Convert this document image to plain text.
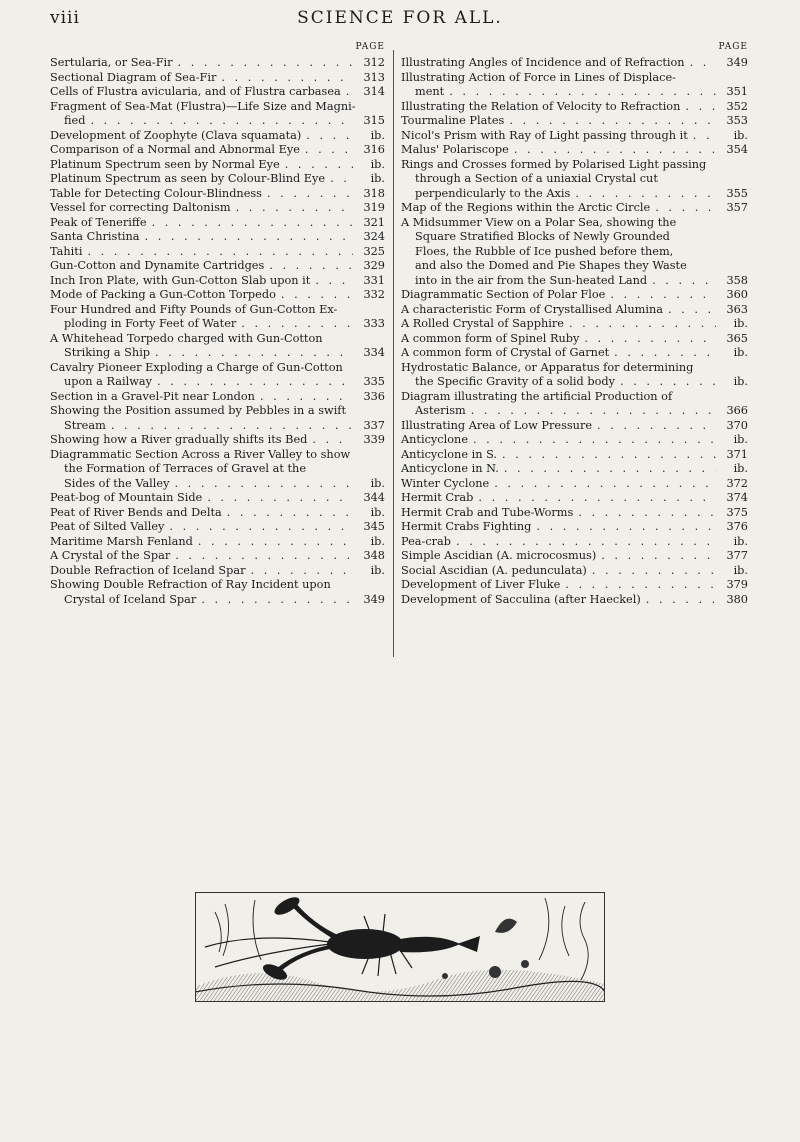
viii	SCIENCE FOR ALL.
PAGE
Sertularia, or Sea-Fir . . .	312
Sectional Diagram of Sea-Fir . . .	313
Cells of Flustra avicularia, and of Flustra carbasea . . .	314

Fragment of Sea-Mat (Flustra)—Life Size and Magni-

fied . . .	315
Development of Zoophyte (Clava squamata) . . .	ib.
Comparison of a Normal and Abnormal Eye . . .	316
Platinum Spectrum seen by Normal Eye . . .	ib.
Platinum Spectrum as seen by Colour-Blind Eye . . .	ib.
Table for Detecting Colour-Blindness . . .	318
Vessel for correcting Daltonism . . .	319
Peak of Teneriffe . . .	321
Santa Christina . . .	324
Tahiti . . .	325
Gun-Cotton and Dynamite Cartridges . . .	329
Inch Iron Plate, with Gun-Cotton Slab upon it . . .	331
Mode of Packing a Gun-Cotton Torpedo . . .	332

Four Hundred and Fifty Pounds of Gun-Cotton Ex-

ploding in Forty Feet of Water . . .	333

A Whitehead Torpedo charged with Gun-Cotton

Striking a Ship . . .	334

Cavalry Pioneer Exploding a Charge of Gun-Cotton

upon a Railway . . .	335
Section in a Gravel-Pit near London . . .	336

Showing the Position assumed by Pebbles in a swift

Stream . . .	337
Showing how a River gradually shifts its Bed . . .	339

Diagrammatic Section Across a River Valley to show

the Formation of Terraces of Gravel at the

Sides of the Valley . . .	ib.
Peat-bog of Mountain Side . . .	344
Peat of River Bends and Delta . . .	ib.
Peat of Silted Valley . . .	345
Maritime Marsh Fenland . . .	ib.
A Crystal of the Spar . . .	348
Double Refraction of Iceland Spar . . .	ib.

Showing Double Refraction of Ray Incident upon

Crystal of Iceland Spar . . .	349
PAGE
Illustrating Angles of Incidence and of Refraction . . .	349

Illustrating Action of Force in Lines of Displace-

ment . . .	351
Illustrating the Relation of Velocity to Refraction . . .	352
Tourmaline Plates . . .	353
Nicol's Prism with Ray of Light passing through it . . .	ib.
Malus' Polariscope . . .	354

Rings and Crosses formed by Polarised Light passing

through a Section of a uniaxial Crystal cut

perpendicularly to the Axis . . .	355
Map of the Regions within the Arctic Circle . . .	357

A Midsummer View on a Polar Sea, showing the

Square Stratified Blocks of Newly Grounded

Floes, the Rubble of Ice pushed before them,

and also the Domed and Pie Shapes they Waste

into in the air from the Sun-heated Land . . .	358
Diagrammatic Section of Polar Floe . . .	360
A characteristic Form of Crystallised Alumina . . .	363
A Rolled Crystal of Sapphire . . .	ib.
A common form of Spinel Ruby . . .	365
A common form of Crystal of Garnet . . .	ib.

Hydrostatic Balance, or Apparatus for determining

the Specific Gravity of a solid body . . .	ib.

Diagram illustrating the artificial Production of

Asterism . . .	366
Illustrating Area of Low Pressure . . .	370
Anticyclone . . .	ib.
Anticyclone in S. . . .	371
Anticyclone in N. . . .	ib.
Winter Cyclone . . .	372
Hermit Crab . . .	374
Hermit Crab and Tube-Worms . . .	375
Hermit Crabs Fighting . . .	376
Pea-crab . . .	ib.
Simple Ascidian (A. microcosmus) . . .	377
Social Ascidian (A. pedunculata) . . .	ib.
Development of Liver Fluke . . .	379
Development of Sacculina (after Haeckel) . . .	380
